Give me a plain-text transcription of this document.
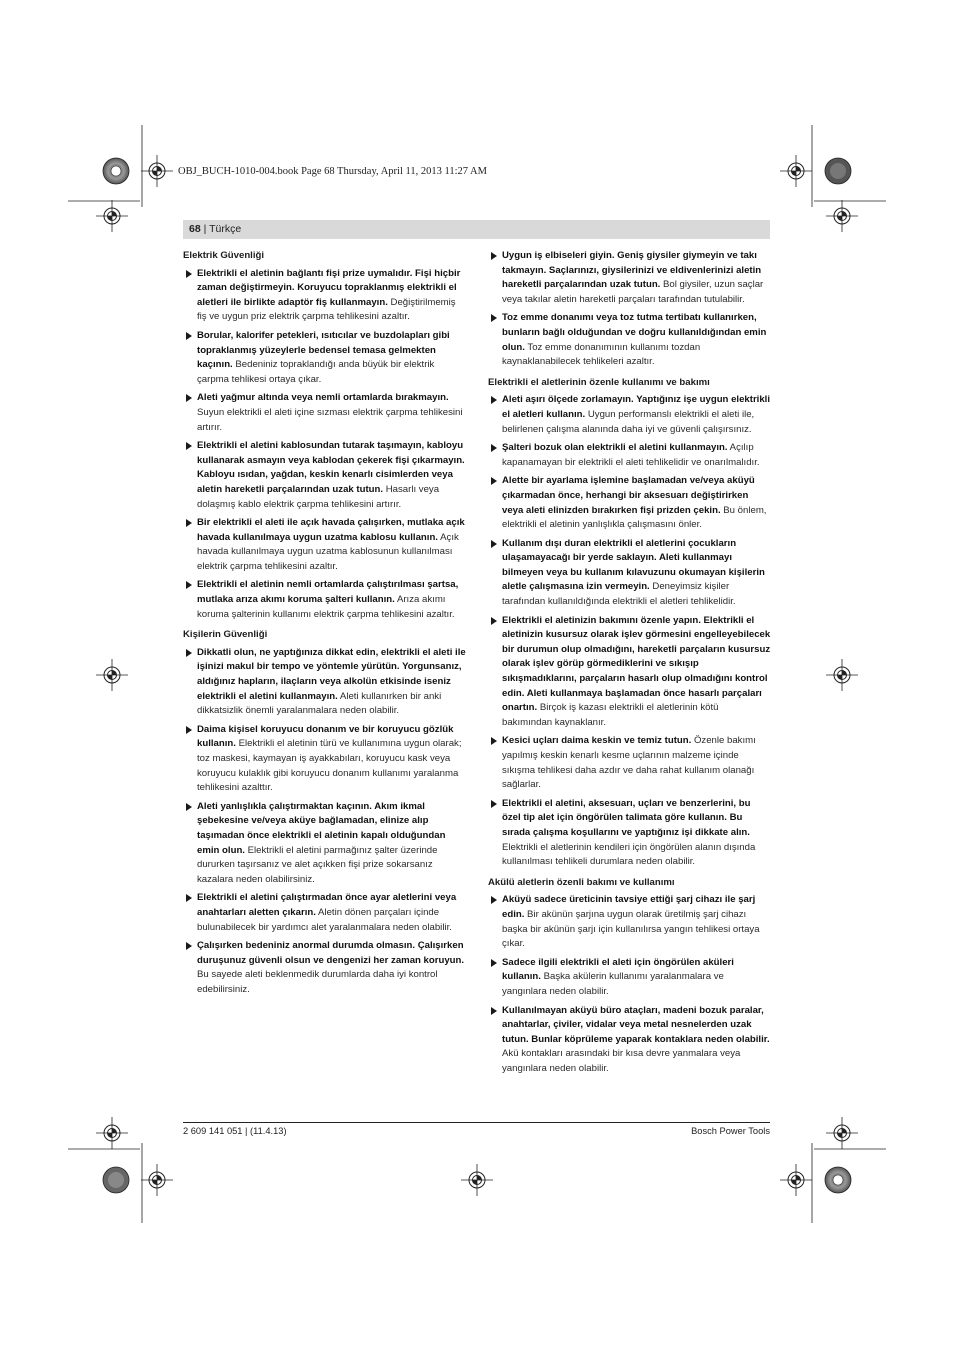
OBJ_BUCH-1010-004.book Page 68 Thursday, April 11, 2013 11:27 AM
68 | Türkçe
Elektrik Güvenliği
Elektrikli el aletinin bağlantı fişi prize uymalıdır. Fişi hiçbir zaman değiştirmeyin. Koruyucu topraklanmış elektrikli el aletleri ile birlikte adaptör fiş kullanmayın. Değiştirilmemiş fiş ve uygun priz elektrik çarpma tehlikesini azaltır.
Borular, kalorifer petekleri, ısıtıcılar ve buzdolapları gibi topraklanmış yüzeylerle bedensel temasa gelmekten kaçının. Bedeniniz topraklandığı anda büyük bir elektrik çarpma tehlikesi ortaya çıkar.
Aleti yağmur altında veya nemli ortamlarda bırakmayın. Suyun elektrikli el aleti içine sızması elektrik çarpma tehlikesini artırır.
Elektrikli el aletini kablosundan tutarak taşımayın, kabloyu kullanarak asmayın veya kablodan çekerek fişi çıkarmayın. Kabloyu ısıdan, yağdan, keskin kenarlı cisimlerden veya aletin hareketli parçalarından uzak tutun. Hasarlı veya dolaşmış kablo elektrik çarpma tehlikesini artırır.
Bir elektrikli el aleti ile açık havada çalışırken, mutlaka açık havada kullanılmaya uygun uzatma kablosu kullanın. Açık havada kullanılmaya uygun uzatma kablosunun kullanılması elektrik çarpma tehlikesini azaltır.
Elektrikli el aletinin nemli ortamlarda çalıştırılması şartsa, mutlaka arıza akımı koruma şalteri kullanın. Arıza akımı koruma şalterinin kullanımı elektrik çarpma tehlikesini azaltır.
Kişilerin Güvenliği
Dikkatli olun, ne yaptığınıza dikkat edin, elektrikli el aleti ile işinizi makul bir tempo ve yöntemle yürütün. Yorgunsanız, aldığınız hapların, ilaçların veya alkolün etkisinde iseniz elektrikli el aletini kullanmayın. Aleti kullanırken bir anki dikkatsizlik önemli yaralanmalara neden olabilir.
Daima kişisel koruyucu donanım ve bir koruyucu gözlük kullanın. Elektrikli el aletinin türü ve kullanımına uygun olarak; toz maskesi, kaymayan iş ayakkabıları, koruyucu kask veya koruyucu kulaklık gibi koruyucu donanım kullanımı yaralanma tehlikesini azalttır.
Aleti yanlışlıkla çalıştırmaktan kaçının. Akım ikmal şebekesine ve/veya aküye bağlamadan, elinize alıp taşımadan önce elektrikli el aletinin kapalı olduğundan emin olun. Elektrikli el aletini parmağınız şalter üzerinde dururken taşırsanız ve alet açıkken fişi prize sokarsanız kazalara neden olabilirsiniz.
Elektrikli el aletini çalıştırmadan önce ayar aletlerini veya anahtarları aletten çıkarın. Aletin dönen parçaları içinde bulunabilecek bir yardımcı alet yaralanmalara neden olabilir.
Çalışırken bedeniniz anormal durumda olmasın. Çalışırken duruşunuz güvenli olsun ve dengenizi her zaman koruyun. Bu sayede aleti beklenmedik durumlarda daha iyi kontrol edebilirsiniz.
Uygun iş elbiseleri giyin. Geniş giysiler giymeyin ve takı takmayın. Saçlarınızı, giysilerinizi ve eldivenlerinizi aletin hareketli parçalarından uzak tutun. Bol giysiler, uzun saçlar veya takılar aletin hareketli parçaları tarafından tutulabilir.
Toz emme donanımı veya toz tutma tertibatı kullanırken, bunların bağlı olduğundan ve doğru kullanıldığından emin olun. Toz emme donanımının kullanımı tozdan kaynaklanabilecek tehlikeleri azaltır.
Elektrikli el aletlerinin özenle kullanımı ve bakımı
Aleti aşırı ölçede zorlamayın. Yaptığınız işe uygun elektrikli el aletleri kullanın. Uygun performanslı elektrikli el aleti ile, belirlenen çalışma alanında daha iyi ve güvenli çalışırsınız.
Şalteri bozuk olan elektrikli el aletini kullanmayın. Açılıp kapanamayan bir elektrikli el aleti tehlikelidir ve onarılmalıdır.
Alette bir ayarlama işlemine başlamadan ve/veya aküyü çıkarmadan önce, herhangi bir aksesuarı değiştirirken veya aleti elinizden bırakırken fişi prizden çekin. Bu önlem, elektrikli el aletinin yanlışlıkla çalışmasını önler.
Kullanım dışı duran elektrikli el aletlerini çocukların ulaşamayacağı bir yerde saklayın. Aleti kullanmayı bilmeyen veya bu kullanım kılavuzunu okumayan kişilerin aletle çalışmasına izin vermeyin. Deneyimsiz kişiler tarafından kullanıldığında elektrikli el aletleri tehlikelidir.
Elektrikli el aletinizin bakımını özenle yapın. Elektrikli el aletinizin kusursuz olarak işlev görmesini engelleyebilecek bir durumun olup olmadığını, hareketli parçaların kusursuz olarak işlev görüp görmediklerini ve sıkışıp sıkışmadıklarını, parçaların hasarlı olup olmadığını kontrol edin. Aleti kullanmaya başlamadan önce hasarlı parçaları onartın. Birçok iş kazası elektrikli el aletlerinin kötü bakımından kaynaklanır.
Kesici uçları daima keskin ve temiz tutun. Özenle bakımı yapılmış keskin kenarlı kesme uçlarının malzeme içinde sıkışma tehlikesi daha azdır ve daha rahat kullanım olanağı sağlarlar.
Elektrikli el aletini, aksesuarı, uçları ve benzerlerini, bu özel tip alet için öngörülen talimata göre kullanın. Bu sırada çalışma koşullarını ve yaptığınız işi dikkate alın. Elektrikli el aletlerinin kendileri için öngörülen alanın dışında kullanılması tehlikeli durumlara neden olabilir.
Akülü aletlerin özenli bakımı ve kullanımı
Aküyü sadece üreticinin tavsiye ettiği şarj cihazı ile şarj edin. Bir akünün şarjına uygun olarak üretilmiş şarj cihazı başka bir akünün şarjı için kullanılırsa yangın tehlikesi ortaya çıkar.
Sadece ilgili elektrikli el aleti için öngörülen aküleri kullanın. Başka akülerin kullanımı yaralanmalara ve yangınlara neden olabilir.
Kullanılmayan aküyü büro ataçları, madeni bozuk paralar, anahtarlar, çiviler, vidalar veya metal nesnelerden uzak tutun. Bunlar köprüleme yaparak kontaklara neden olabilir. Akü kontakları arasındaki bir kısa devre yanmalara veya yangınlara neden olabilir.
2 609 141 051 | (11.4.13)	Bosch Power Tools
